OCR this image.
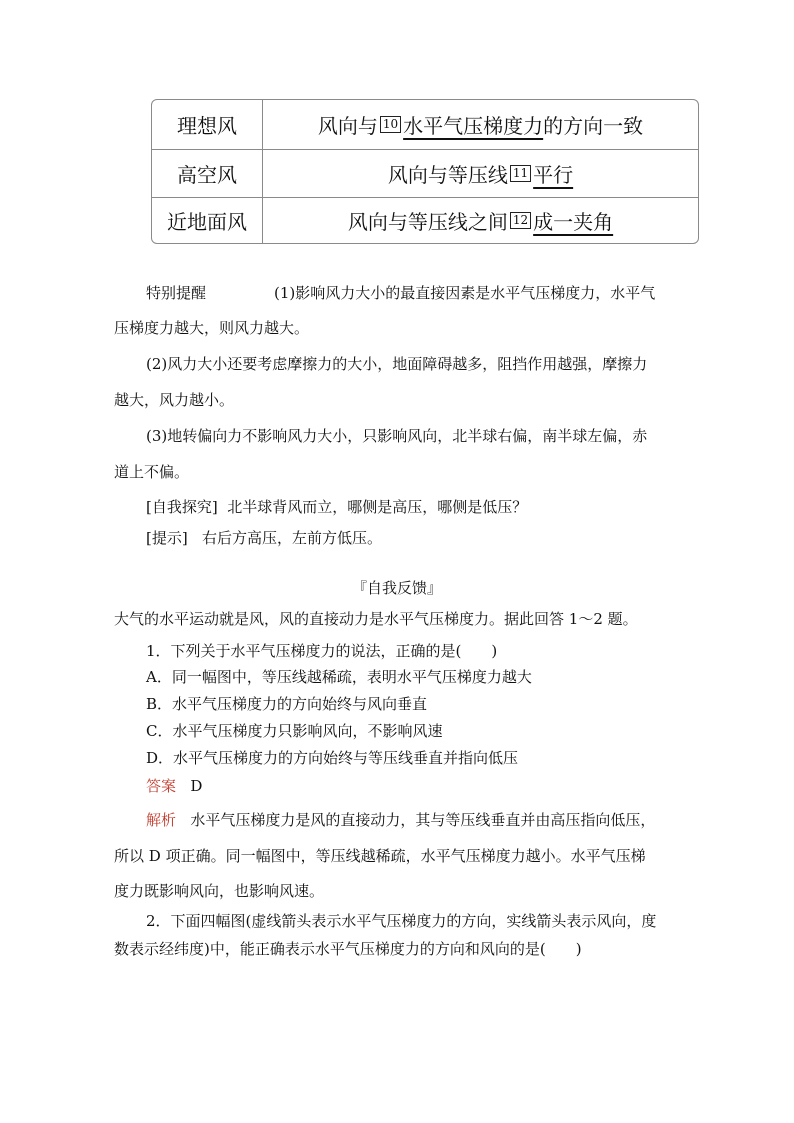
理想风	风向与 10 水平气压梯度力 的方向一致
高空风	风向与等压线 11 平行
近地面风	风向与等压线之间 12 成一夹角
特别提醒	(1)影响风力大小的最直接因素是水平气压梯度力，水平气
压梯度力越大，则风力越大。
(2)风力大小还要考虑摩擦力的大小，地面障碍越多，阻挡作用越强，摩擦力
越大，风力越小。
(3)地转偏向力不影响风力大小，只影响风向，北半球右偏，南半球左偏，赤
道上不偏。
[自我探究] 北半球背风而立，哪侧是高压，哪侧是低压？
[提示] 右后方高压，左前方低压。
『自我反馈』
大气的水平运动就是风，风的直接动力是水平气压梯度力。据此回答 1～2 题。
1．下列关于水平气压梯度力的说法，正确的是(　　)
A．同一幅图中，等压线越稀疏，表明水平气压梯度力越大
B．水平气压梯度力的方向始终与风向垂直
C．水平气压梯度力只影响风向，不影响风速
D．水平气压梯度力的方向始终与等压线垂直并指向低压
答案 D
解析 水平气压梯度力是风的直接动力，其与等压线垂直并由高压指向低压，
所以 D 项正确。同一幅图中，等压线越稀疏，水平气压梯度力越小。水平气压梯
度力既影响风向，也影响风速。
2．下面四幅图(虚线箭头表示水平气压梯度力的方向，实线箭头表示风向，度
数表示经纬度)中，能正确表示水平气压梯度力的方向和风向的是(　　)
